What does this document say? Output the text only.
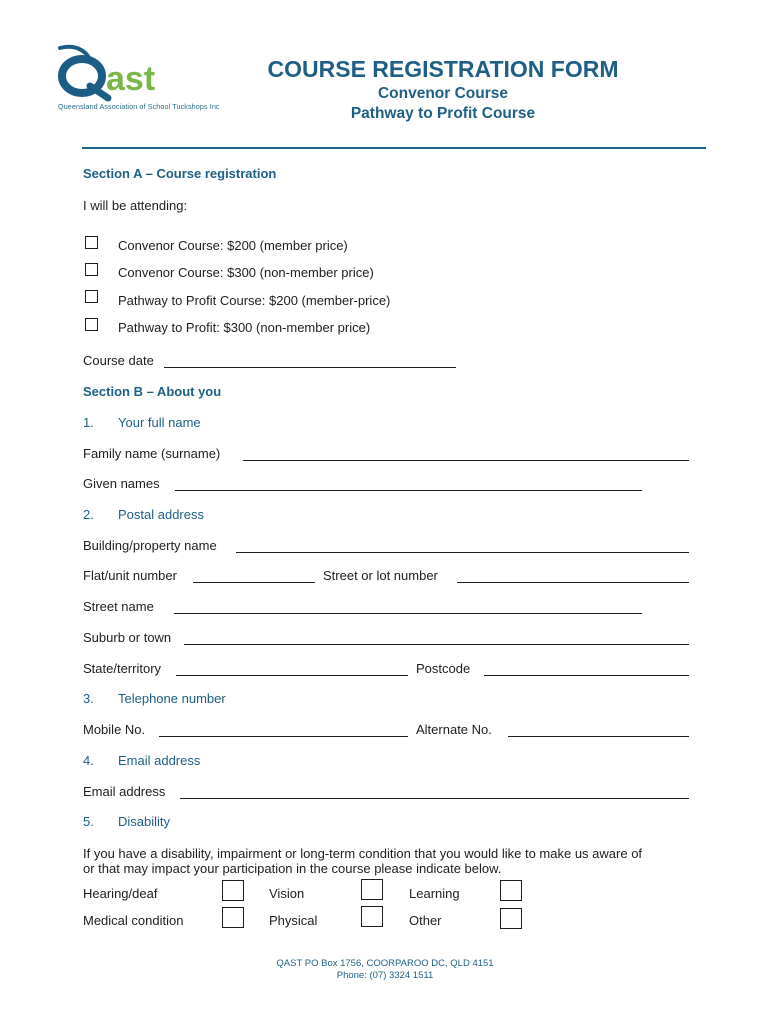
ast
Queensland Association of School Tuckshops Inc
COURSE REGISTRATION FORM
Convenor Course
Pathway to Profit Course
Section A – Course registration
I will be attending:
Convenor Course: $200 (member price)
Convenor Course: $300 (non-member price)
Pathway to Profit Course: $200 (member-price)
Pathway to Profit: $300 (non-member price)
Course date
Section B – About you
1. Your full name
Family name (surname)
Given names
2. Postal address
Building/property name
Flat/unit number	Street or lot number
Street name
Suburb or town
State/territory	Postcode
3. Telephone number
Mobile No.	Alternate No.
4. Email address
Email address
5. Disability
If you have a disability, impairment or long-term condition that you would like to make us aware of
or that may impact your participation in the course please indicate below.
Hearing/deaf	Vision	Learning
Medical condition	Physical	Other
QAST PO Box 1756, COORPAROO DC, QLD 4151
Phone: (07) 3324 1511
